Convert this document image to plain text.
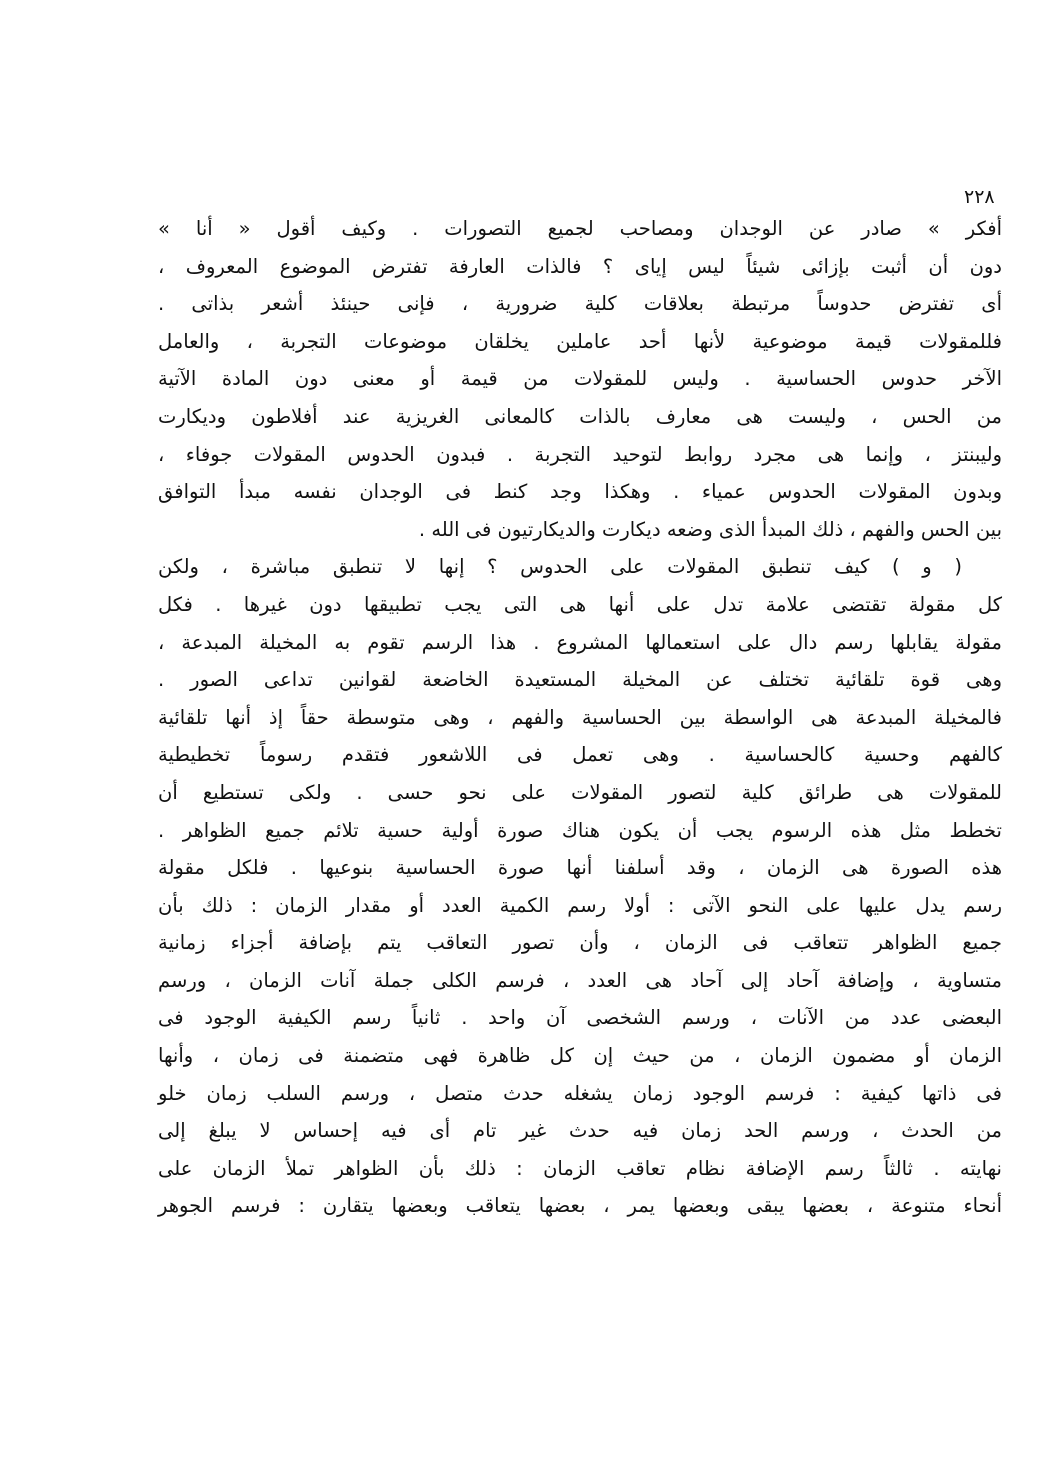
٢٢٨
أفكر » صادر عن الوجدان ومصاحب لجميع التصورات . وكيف أقول « أنا »
دون أن أثبت بإزائى شيئاً ليس إياى ؟ فالذات العارفة تفترض الموضوع المعروف ،
أى تفترض حدوساً مرتبطة بعلاقات كلية ضرورية ، فإنى حينئذ أشعر بذاتى .
فللمقولات قيمة موضوعية لأنها أحد عاملين يخلقان موضوعات التجربة ، والعامل
الآخر حدوس الحساسية . وليس للمقولات من قيمة أو معنى دون المادة الآتية
من الحس ، وليست هى معارف بالذات كالمعانى الغريزية عند أفلاطون وديكارت
وليبنتز ، وإنما هى مجرد روابط لتوحيد التجربة . فبدون الحدوس المقولات جوفاء ،
وبدون المقولات الحدوس عمياء . وهكذا وجد كنط فى الوجدان نفسه مبدأ التوافق
بين الحس والفهم ، ذلك المبدأ الذى وضعه ديكارت والديكارتيون فى الله .
( و ) كيف تنطبق المقولات على الحدوس ؟ إنها لا تنطبق مباشرة ، ولكن
كل مقولة تقتضى علامة تدل على أنها هى التى يجب تطبيقها دون غيرها . فكل
مقولة يقابلها رسم دال على استعمالها المشروع . هذا الرسم تقوم به المخيلة المبدعة ،
وهى قوة تلقائية تختلف عن المخيلة المستعيدة الخاضعة لقوانين تداعى الصور .
فالمخيلة المبدعة هى الواسطة بين الحساسية والفهم ، وهى متوسطة حقاً إذ أنها تلقائية
كالفهم وحسية كالحساسية . وهى تعمل فى اللاشعور فتقدم رسوماً تخطيطية
للمقولات هى طرائق كلية لتصور المقولات على نحو حسى . ولكى تستطيع أن
تخطط مثل هذه الرسوم يجب أن يكون هناك صورة أولية حسية تلائم جميع الظواهر .
هذه الصورة هى الزمان ، وقد أسلفنا أنها صورة الحساسية بنوعيها . فلكل مقولة
رسم يدل عليها على النحو الآتى : أولا رسم الكمية العدد أو مقدار الزمان : ذلك بأن
جميع الظواهر تتعاقب فى الزمان ، وأن تصور التعاقب يتم بإضافة أجزاء زمانية
متساوية ، وإضافة آحاد إلى آحاد هى العدد ، فرسم الكلى جملة آنات الزمان ، ورسم
البعضى عدد من الآنات ، ورسم الشخصى آن واحد . ثانياً رسم الكيفية الوجود فى
الزمان أو مضمون الزمان ، من حيث إن كل ظاهرة فهى متضمنة فى زمان ، وأنها
فى ذاتها كيفية : فرسم الوجود زمان يشغله حدث متصل ، ورسم السلب زمان خلو
من الحدث ، ورسم الحد زمان فيه حدث غير تام أى فيه إحساس لا يبلغ إلى
نهايته . ثالثاً رسم الإضافة نظام تعاقب الزمان : ذلك بأن الظواهر تملأ الزمان على
أنحاء متنوعة ، بعضها يبقى وبعضها يمر ، بعضها يتعاقب وبعضها يتقارن : فرسم الجوهر
